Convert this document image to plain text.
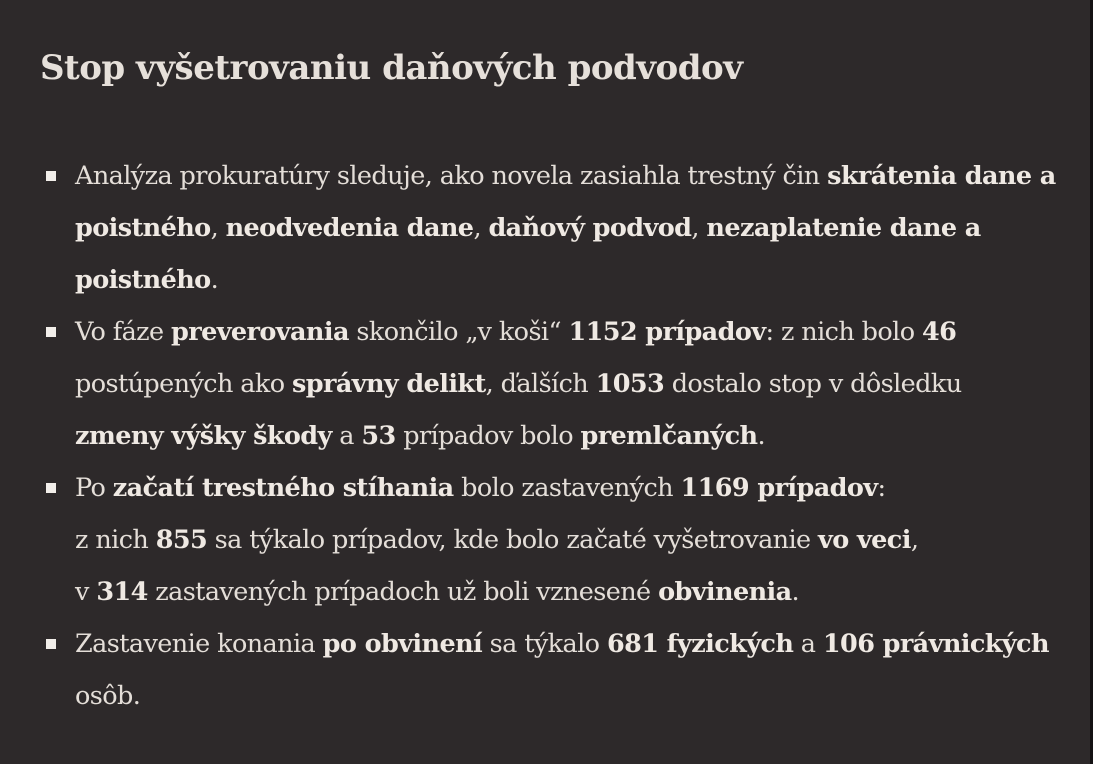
Stop vyšetrovaniu daňových podvodov
Analýza prokuratúry sleduje, ako novela zasiahla trestný čin skrátenia dane a poistného, neodvedenia dane, daňový podvod, nezaplatenie dane a poistného.
Vo fáze preverovania skončilo „v koši“ 1152 prípadov: z nich bolo 46 postúpených ako správny delikt, ďalších 1053 dostalo stop v dôsledku zmeny výšky škody a 53 prípadov bolo premlčaných.
Po začatí trestného stíhania bolo zastavených 1169 prípadov:
z nich 855 sa týkalo prípadov, kde bolo začaté vyšetrovanie vo veci,
v 314 zastavených prípadoch už boli vznesené obvinenia.
Zastavenie konania po obvinení sa týkalo 681 fyzických a 106 právnických osôb.
